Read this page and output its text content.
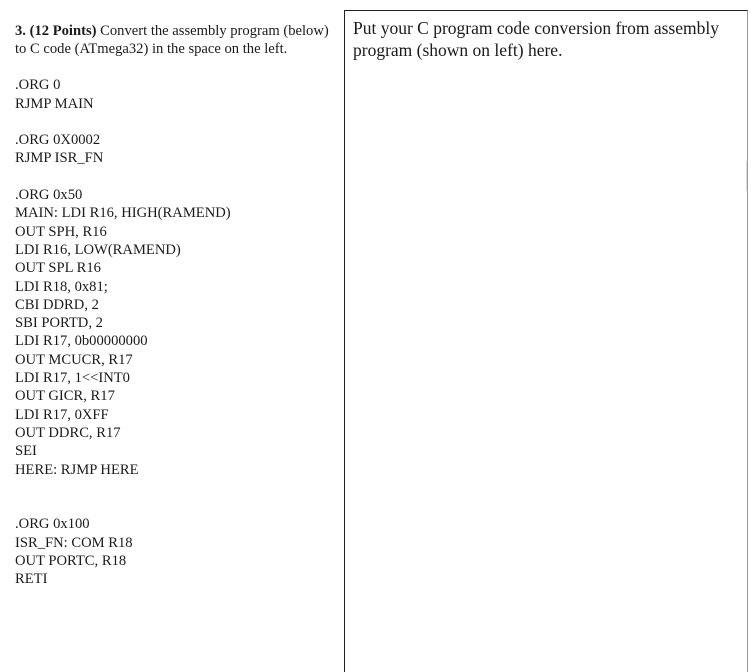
3. (12 Points) Convert the assembly program (below) to C code (ATmega32) in the space on the left.

.ORG 0
RJMP MAIN
.ORG 0X0002
RJMP ISR_FN
.ORG 0x50
MAIN: LDI R16, HIGH(RAMEND)
OUT SPH, R16
LDI R16, LOW(RAMEND)
OUT SPL R16
LDI R18, 0x81;
CBI DDRD, 2
SBI PORTD, 2
LDI R17, 0b00000000
OUT MCUCR, R17
LDI R17, 1<<INT0
OUT GICR, R17
LDI R17, 0XFF
OUT DDRC, R17
SEI
HERE: RJMP HERE
.ORG 0x100
ISR_FN: COM R18
OUT PORTC, R18
RETI

Put your C program code conversion from assembly program (shown on left) here.
